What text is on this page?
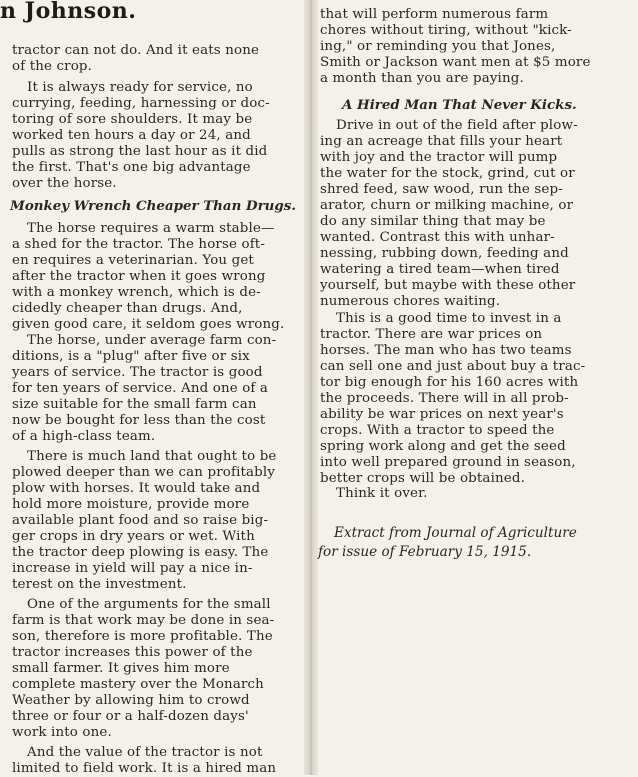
n Johnson.
tractor can not do. And it eats none
of the crop.
It is always ready for service, no
currying, feeding, harnessing or doc-
toring of sore shoulders. It may be
worked ten hours a day or 24, and
pulls as strong the last hour as it did
the first. That's one big advantage
over the horse.
Monkey Wrench Cheaper Than Drugs.
The horse requires a warm stable—
a shed for the tractor. The horse oft-
en requires a veterinarian. You get
after the tractor when it goes wrong
with a monkey wrench, which is de-
cidedly cheaper than drugs. And,
given good care, it seldom goes wrong.
The horse, under average farm con-
ditions, is a "plug" after five or six
years of service. The tractor is good
for ten years of service. And one of a
size suitable for the small farm can
now be bought for less than the cost
of a high-class team.
There is much land that ought to be
plowed deeper than we can profitably
plow with horses. It would take and
hold more moisture, provide more
available plant food and so raise big-
ger crops in dry years or wet. With
the tractor deep plowing is easy. The
increase in yield will pay a nice in-
terest on the investment.
One of the arguments for the small
farm is that work may be done in sea-
son, therefore is more profitable. The
tractor increases this power of the
small farmer. It gives him more
complete mastery over the Monarch
Weather by allowing him to crowd
three or four or a half-dozen days'
work into one.
And the value of the tractor is not
limited to field work. It is a hired man
that will perform numerous farm
chores without tiring, without "kick-
ing," or reminding you that Jones,
Smith or Jackson want men at $5 more
a month than you are paying.
A Hired Man That Never Kicks.
Drive in out of the field after plow-
ing an acreage that fills your heart
with joy and the tractor will pump
the water for the stock, grind, cut or
shred feed, saw wood, run the sep-
arator, churn or milking machine, or
do any similar thing that may be
wanted. Contrast this with unhar-
nessing, rubbing down, feeding and
watering a tired team—when tired
yourself, but maybe with these other
numerous chores waiting.
This is a good time to invest in a
tractor. There are war prices on
horses. The man who has two teams
can sell one and just about buy a trac-
tor big enough for his 160 acres with
the proceeds. There will in all prob-
ability be war prices on next year's
crops. With a tractor to speed the
spring work along and get the seed
into well prepared ground in season,
better crops will be obtained.
Think it over.
Extract from Journal of Agriculture
for issue of February 15, 1915.
